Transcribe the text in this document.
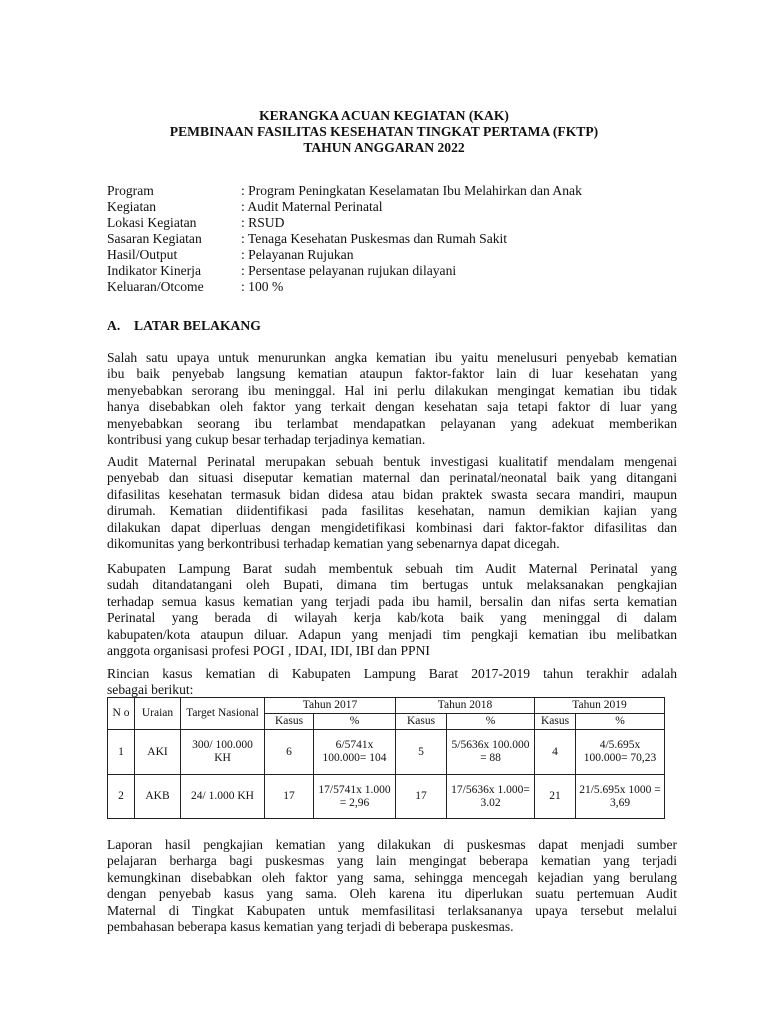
KERANGKA ACUAN KEGIATAN (KAK)
PEMBINAAN FASILITAS KESEHATAN TINGKAT PERTAMA (FKTP)
TAHUN ANGGARAN 2022
Program	: Program Peningkatan Keselamatan Ibu Melahirkan dan Anak
Kegiatan	: Audit Maternal Perinatal
Lokasi Kegiatan	: RSUD
Sasaran Kegiatan	: Tenaga Kesehatan Puskesmas dan Rumah Sakit
Hasil/Output	: Pelayanan Rujukan
Indikator Kinerja	: Persentase pelayanan rujukan dilayani
Keluaran/Otcome	: 100 %
A. LATAR BELAKANG
Salah satu upaya untuk menurunkan angka kematian ibu yaitu menelusuri penyebab kematian
ibu baik penyebab langsung kematian ataupun faktor-faktor lain di luar kesehatan yang
menyebabkan serorang ibu meninggal. Hal ini perlu dilakukan mengingat kematian ibu tidak
hanya disebabkan oleh faktor yang terkait dengan kesehatan saja tetapi faktor di luar yang
menyebabkan seorang ibu terlambat mendapatkan pelayanan yang adekuat memberikan
kontribusi yang cukup besar terhadap terjadinya kematian.
Audit Maternal Perinatal merupakan sebuah bentuk investigasi kualitatif mendalam mengenai
penyebab dan situasi diseputar kematian maternal dan perinatal/neonatal baik yang ditangani
difasilitas kesehatan termasuk bidan didesa atau bidan praktek swasta secara mandiri, maupun
dirumah. Kematian diidentifikasi pada fasilitas kesehatan, namun demikian kajian yang
dilakukan dapat diperluas dengan mengidetifikasi kombinasi dari faktor-faktor difasilitas dan
dikomunitas yang berkontribusi terhadap kematian yang sebenarnya dapat dicegah.
Kabupaten Lampung Barat sudah membentuk sebuah tim Audit Maternal Perinatal yang
sudah ditandatangani oleh Bupati, dimana tim bertugas untuk melaksanakan pengkajian
terhadap semua kasus kematian yang terjadi pada ibu hamil, bersalin dan nifas serta kematian
Perinatal yang berada di wilayah kerja kab/kota baik yang meninggal di dalam
kabupaten/kota ataupun diluar. Adapun yang menjadi tim pengkaji kematian ibu melibatkan
anggota organisasi profesi POGI , IDAI, IDI, IBI dan PPNI
Rincian kasus kematian di Kabupaten Lampung Barat 2017-2019 tahun terakhir adalah
sebagai berikut:
N o	Uraian	Target Nasional	Tahun 2017		Tahun 2018		Tahun 2019	
			Kasus	%	Kasus	%	Kasus	%
1	AKI	300/ 100.000 KH	6	6/5741x 100.000= 104	5	5/5636x 100.000 = 88	4	4/5.695x 100.000= 70,23
2	AKB	24/ 1.000 KH	17	17/5741x 1.000 = 2,96	17	17/5636x 1.000= 3.02	21	21/5.695x 1000 = 3,69
Laporan hasil pengkajian kematian yang dilakukan di puskesmas dapat menjadi sumber
pelajaran berharga bagi puskesmas yang lain mengingat beberapa kematian yang terjadi
kemungkinan disebabkan oleh faktor yang sama, sehingga mencegah kejadian yang berulang
dengan penyebab kasus yang sama. Oleh karena itu diperlukan suatu pertemuan Audit
Maternal di Tingkat Kabupaten untuk memfasilitasi terlaksananya upaya tersebut melalui
pembahasan beberapa kasus kematian yang terjadi di beberapa puskesmas.
